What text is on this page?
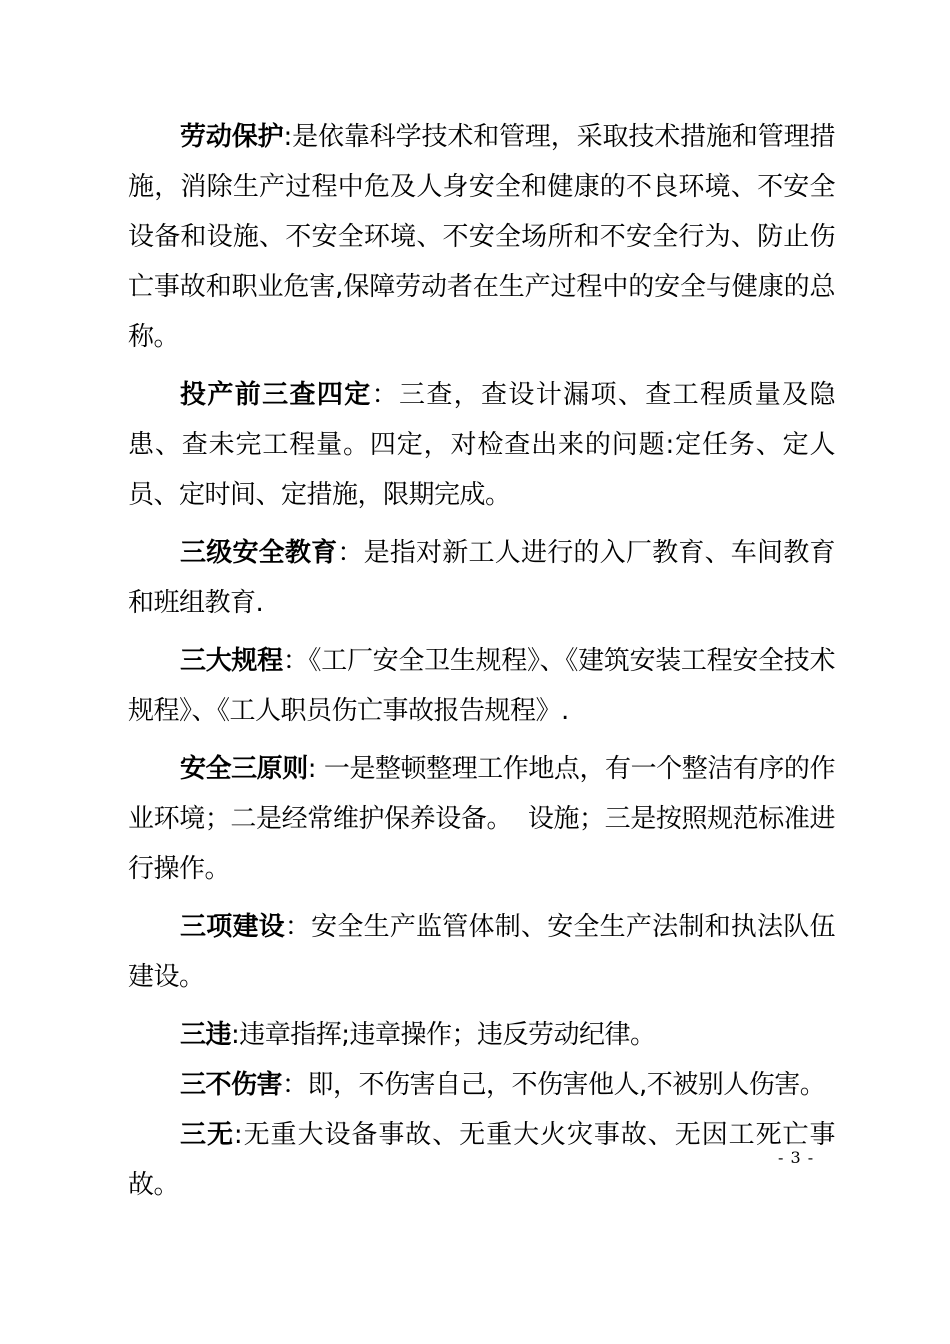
劳动保护:是依靠科学技术和管理，采取技术措施和管理措施，消除生产过程中危及人身安全和健康的不良环境、不安全设备和设施、不安全环境、不安全场所和不安全行为、防止伤亡事故和职业危害,保障劳动者在生产过程中的安全与健康的总称。

投产前三查四定：三查，查设计漏项、查工程质量及隐患、查未完工程量。四定，对检查出来的问题:定任务、定人员、定时间、定措施，限期完成。

三级安全教育：是指对新工人进行的入厂教育、车间教育和班组教育.

三大规程：《工厂安全卫生规程》、《建筑安装工程安全技术规程》、《工人职员伤亡事故报告规程》.

安全三原则: 一是整顿整理工作地点，有一个整洁有序的作业环境；二是经常维护保养设备。  设施；三是按照规范标准进行操作。

三项建设：安全生产监管体制、安全生产法制和执法队伍建设。

三违:违章指挥;违章操作；违反劳动纪律。

三不伤害：即，不伤害自己，不伤害他人,不被别人伤害。

三无:无重大设备事故、无重大火灾事故、无因工死亡事故。

- 3 -
